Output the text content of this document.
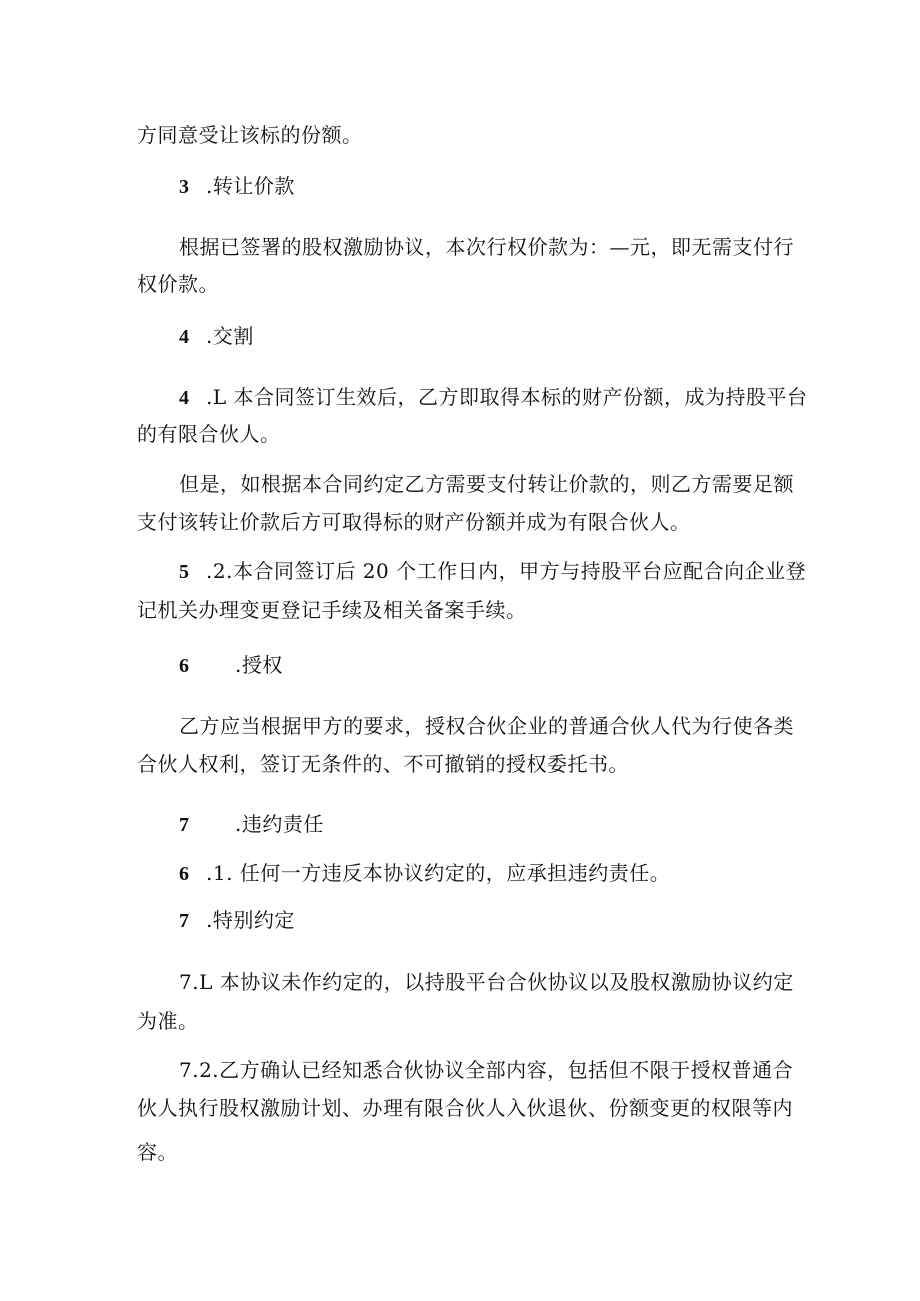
方同意受让该标的份额。
3 .转让价款
根据已签署的股权激励协议，本次行权价款为：—元，即无需支付行
权价款。
4 .交割
4 .L 本合同签订生效后，乙方即取得本标的财产份额，成为持股平台
的有限合伙人。
但是，如根据本合同约定乙方需要支付转让价款的，则乙方需要足额
支付该转让价款后方可取得标的财产份额并成为有限合伙人。
5 .2.本合同签订后 20 个工作日内，甲方与持股平台应配合向企业登
记机关办理变更登记手续及相关备案手续。
6 .授权
乙方应当根据甲方的要求，授权合伙企业的普通合伙人代为行使各类
合伙人权利，签订无条件的、不可撤销的授权委托书。
7 .违约责任
6 .1. 任何一方违反本协议约定的，应承担违约责任。
7 .特别约定
7.L 本协议未作约定的，以持股平台合伙协议以及股权激励协议约定
为准。
7.2.乙方确认已经知悉合伙协议全部内容，包括但不限于授权普通合
伙人执行股权激励计划、办理有限合伙人入伙退伙、份额变更的权限等内
容。
